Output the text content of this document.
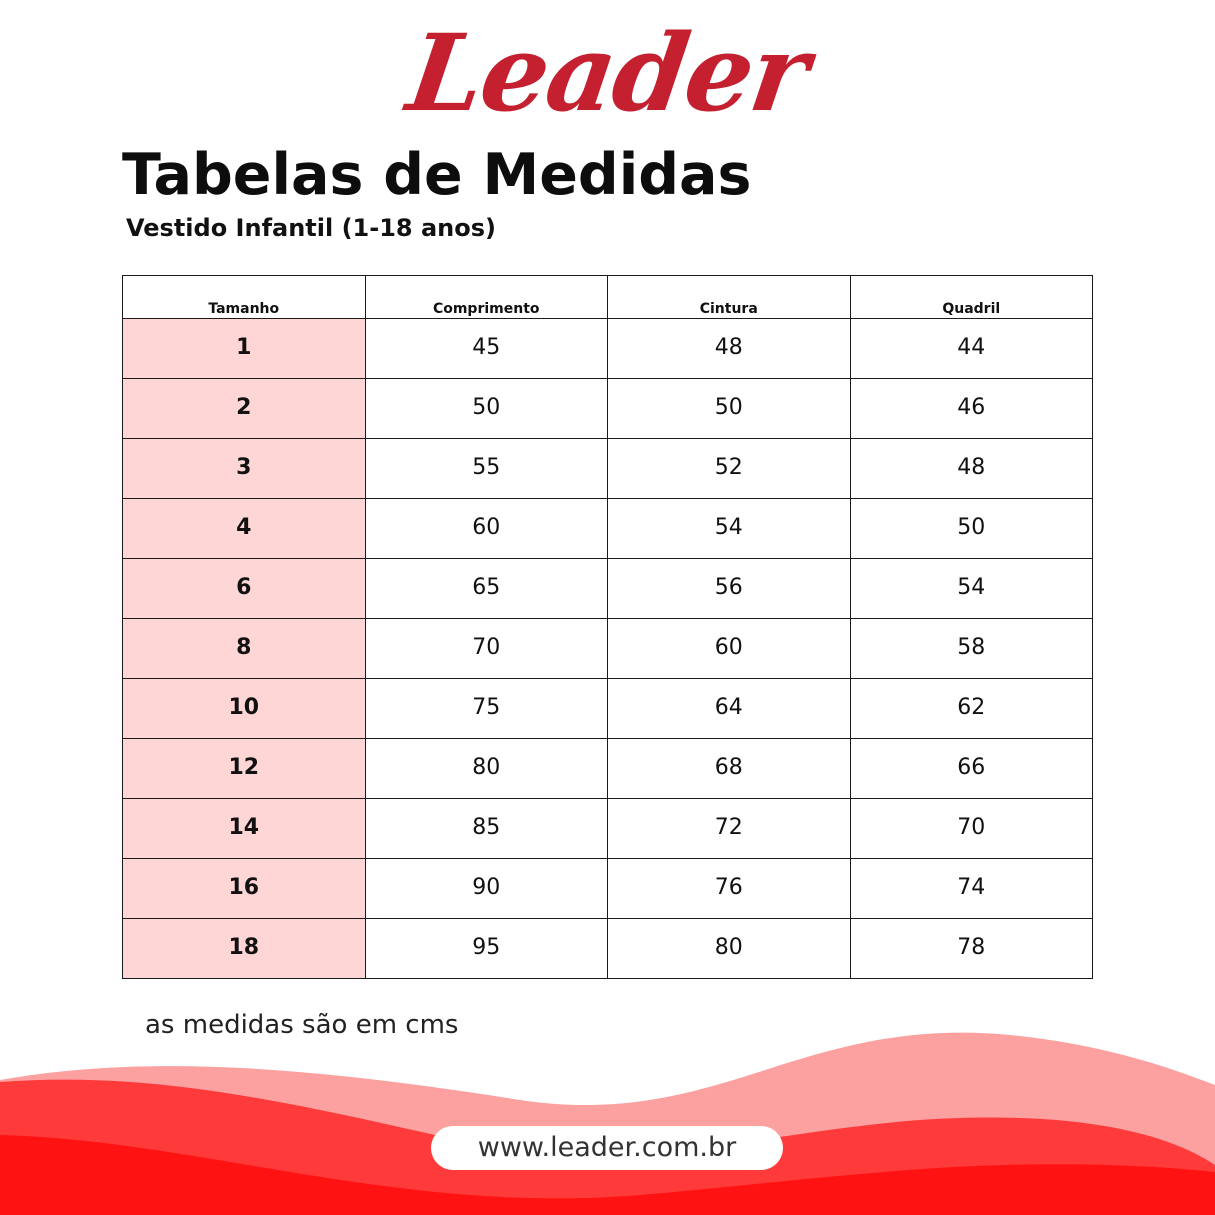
Leader
Tabelas de Medidas
Vestido Infantil (1-18 anos)
Tamanho	Comprimento	Cintura	Quadril
1	45	48	44
2	50	50	46
3	55	52	48
4	60	54	50
6	65	56	54
8	70	60	58
10	75	64	62
12	80	68	66
14	85	72	70
16	90	76	74
18	95	80	78

as medidas são em cms

www.leader.com.br
